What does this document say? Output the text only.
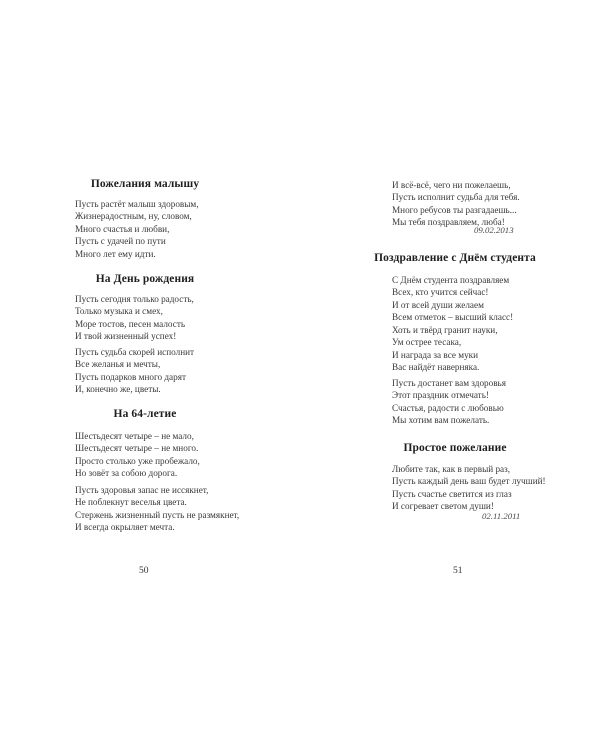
Пожелания малышу
Пусть растёт малыш здоровым,
Жизнерадостным, ну, словом,
Много счастья и любви,
Пусть с удачей по пути
Много лет ему идти.
На День рождения
Пусть сегодня только радость,
Только музыка и смех,
Море тостов, песен малость
И твой жизненный успех!
Пусть судьба скорей исполнит
Все желанья и мечты,
Пусть подарков много дарят
И, конечно же, цветы.
На 64-летие
Шестьдесят четыре – не мало,
Шестьдесят четыре – не много.
Просто столько уже пробежало,
Но зовёт за собою дорога.
Пусть здоровья запас не иссякнет,
Не поблекнут веселья цвета.
Стержень жизненный пусть не размякнет,
И всегда окрыляет мечта.
50
И всё-всё, чего ни пожелаешь,
Пусть исполнит судьба для тебя.
Много ребусов ты разгадаешь...
Мы тебя поздравляем, люба!
09.02.2013
Поздравление с Днём студента
С Днём студента поздравляем
Всех, кто учится сейчас!
И от всей души желаем
Всем отметок – высший класс!
Хоть и твёрд гранит науки,
Ум острее тесака,
И награда за все муки
Вас найдёт наверняка.
Пусть достанет вам здоровья
Этот праздник отмечать!
Счастья, радости с любовью
Мы хотим вам пожелать.
Простое пожелание
Любите так, как в первый раз,
Пусть каждый день ваш будет лучший!
Пусть счастье светится из глаз
И согревает светом души!
02.11.2011
51
